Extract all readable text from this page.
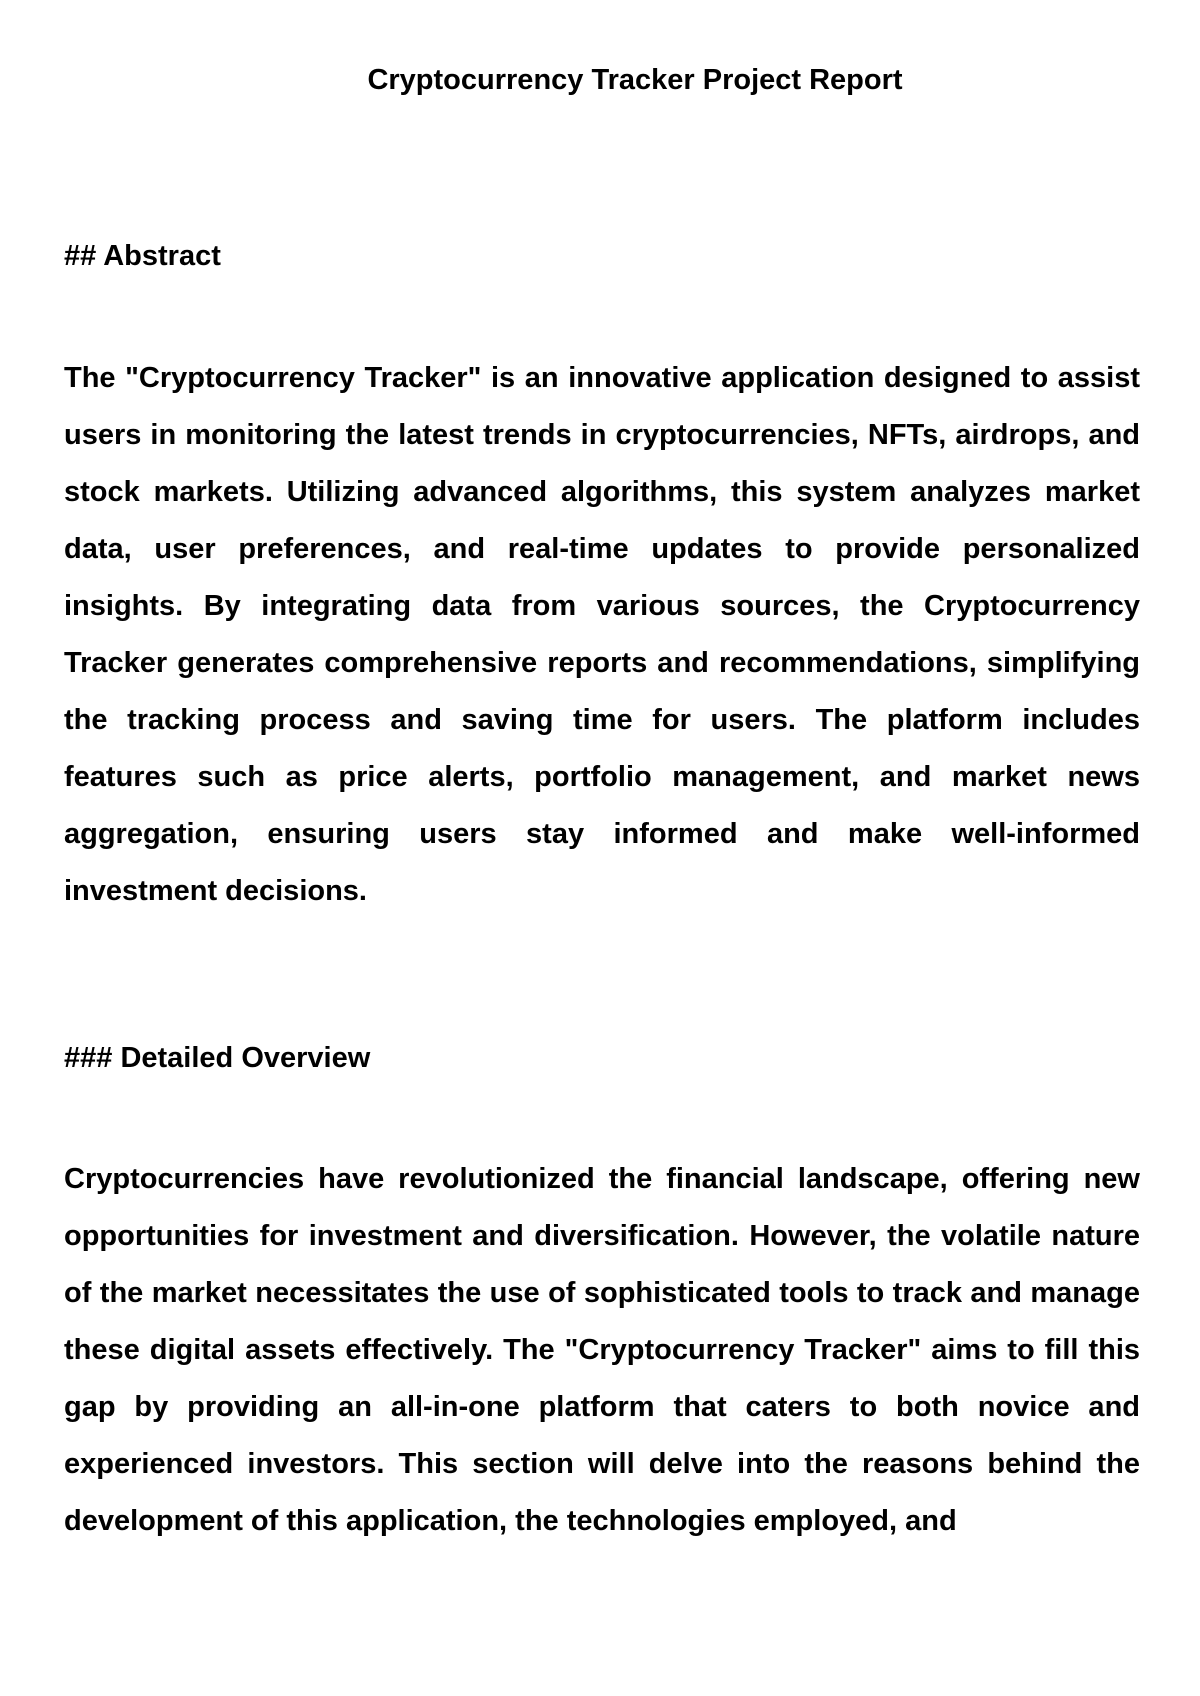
Cryptocurrency Tracker Project Report
## Abstract

The "Cryptocurrency Tracker" is an innovative application designed to assist users in monitoring the latest trends in cryptocurrencies, NFTs, airdrops, and stock markets. Utilizing advanced algorithms, this system analyzes market data, user preferences, and real-time updates to provide personalized insights. By integrating data from various sources, the Cryptocurrency Tracker generates comprehensive reports and recommendations, simplifying the tracking process and saving time for users. The platform includes features such as price alerts, portfolio management, and market news aggregation, ensuring users stay informed and make well-informed investment decisions.

### Detailed Overview

Cryptocurrencies have revolutionized the financial landscape, offering new opportunities for investment and diversification. However, the volatile nature of the market necessitates the use of sophisticated tools to track and manage these digital assets effectively. The "Cryptocurrency Tracker" aims to fill this gap by providing an all-in-one platform that caters to both novice and experienced investors. This section will delve into the reasons behind the development of this application, the technologies employed, and
